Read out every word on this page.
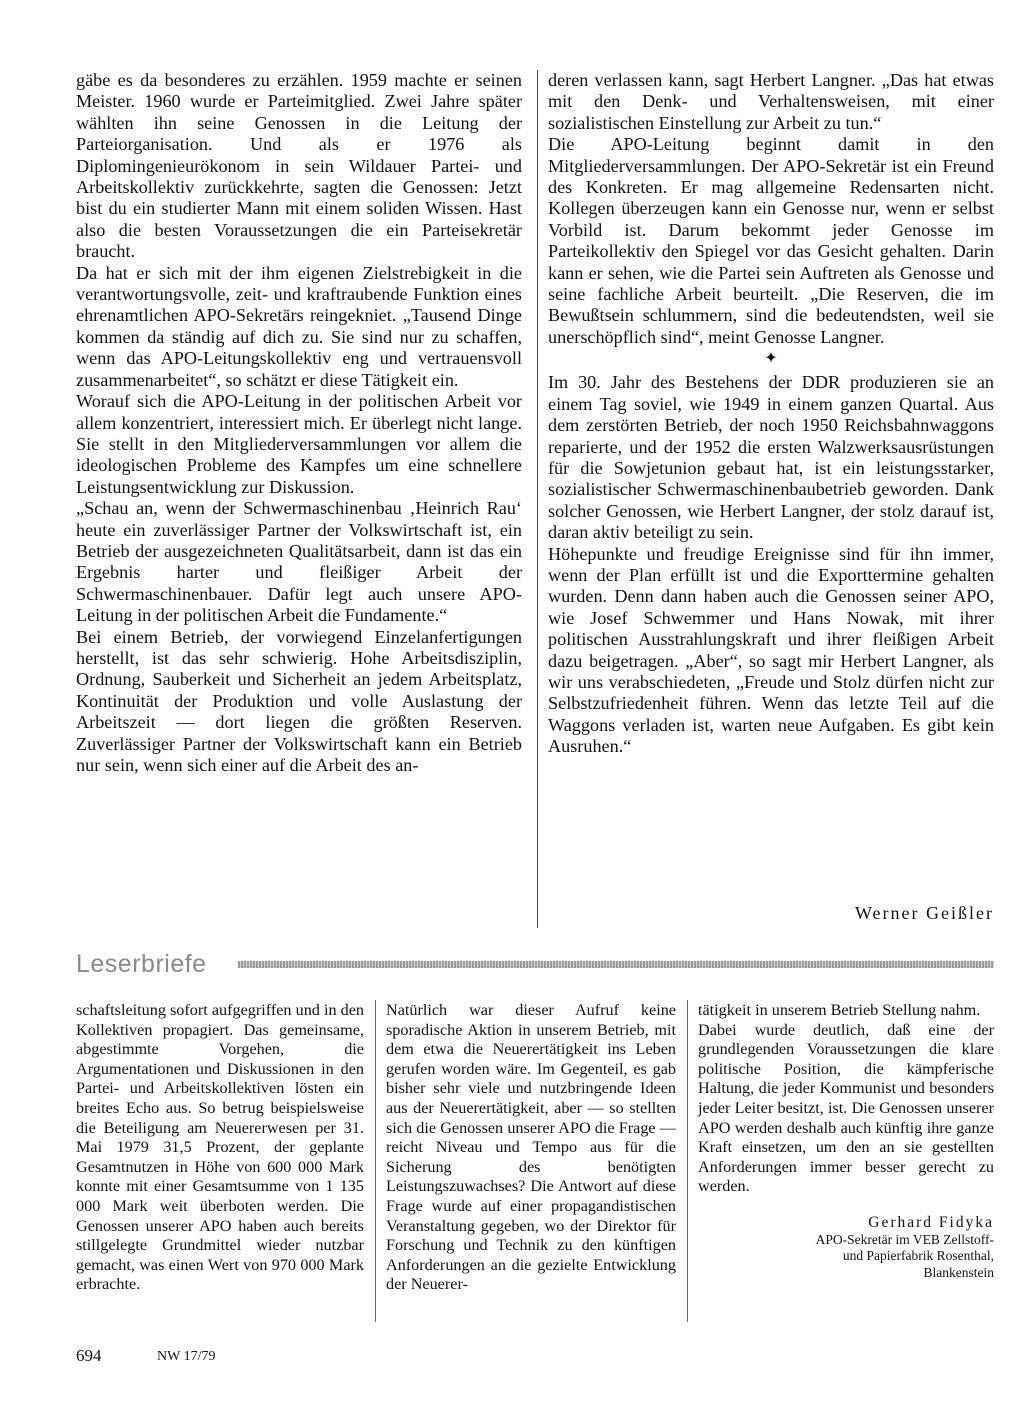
gäbe es da besonderes zu erzählen. 1959 machte er seinen Meister. 1960 wurde er Parteimitglied. Zwei Jahre später wählten ihn seine Genossen in die Leitung der Parteiorganisation. Und als er 1976 als Diplomingenieurökonom in sein Wildauer Partei- und Arbeitskollektiv zurückkehrte, sagten die Genossen: Jetzt bist du ein studierter Mann mit einem soliden Wissen. Hast also die besten Voraussetzungen die ein Parteisekretär braucht.

Da hat er sich mit der ihm eigenen Zielstrebigkeit in die verantwortungsvolle, zeit- und kraftraubende Funktion eines ehrenamtlichen APO-Sekretärs reingekniet. „Tausend Dinge kommen da ständig auf dich zu. Sie sind nur zu schaffen, wenn das APO-Leitungskollektiv eng und vertrauensvoll zusammenarbeitet“, so schätzt er diese Tätigkeit ein.

Worauf sich die APO-Leitung in der politischen Arbeit vor allem konzentriert, interessiert mich. Er überlegt nicht lange. Sie stellt in den Mitgliederversammlungen vor allem die ideologischen Probleme des Kampfes um eine schnellere Leistungsentwicklung zur Diskussion.

„Schau an, wenn der Schwermaschinenbau ‚Heinrich Rau‘ heute ein zuverlässiger Partner der Volkswirtschaft ist, ein Betrieb der ausgezeichneten Qualitätsarbeit, dann ist das ein Ergebnis harter und fleißiger Arbeit der Schwermaschinenbauer. Dafür legt auch unsere APO-Leitung in der politischen Arbeit die Fundamente.“

Bei einem Betrieb, der vorwiegend Einzelanfertigungen herstellt, ist das sehr schwierig. Hohe Arbeitsdisziplin, Ordnung, Sauberkeit und Sicherheit an jedem Arbeitsplatz, Kontinuität der Produktion und volle Auslastung der Arbeitszeit — dort liegen die größten Reserven. Zuverlässiger Partner der Volkswirtschaft kann ein Betrieb nur sein, wenn sich einer auf die Arbeit des an-

deren verlassen kann, sagt Herbert Langner. „Das hat etwas mit den Denk- und Verhaltensweisen, mit einer sozialistischen Einstellung zur Arbeit zu tun.“

Die APO-Leitung beginnt damit in den Mitgliederversammlungen. Der APO-Sekretär ist ein Freund des Konkreten. Er mag allgemeine Redensarten nicht. Kollegen überzeugen kann ein Genosse nur, wenn er selbst Vorbild ist. Darum bekommt jeder Genosse im Parteikollektiv den Spiegel vor das Gesicht gehalten. Darin kann er sehen, wie die Partei sein Auftreten als Genosse und seine fachliche Arbeit beurteilt. „Die Reserven, die im Bewußtsein schlummern, sind die bedeutendsten, weil sie unerschöpflich sind“, meint Genosse Langner.

✦

Im 30. Jahr des Bestehens der DDR produzieren sie an einem Tag soviel, wie 1949 in einem ganzen Quartal. Aus dem zerstörten Betrieb, der noch 1950 Reichsbahnwaggons reparierte, und der 1952 die ersten Walzwerksausrüstungen für die Sowjetunion gebaut hat, ist ein leistungsstarker, sozialistischer Schwermaschinenbaubetrieb geworden. Dank solcher Genossen, wie Herbert Langner, der stolz darauf ist, daran aktiv beteiligt zu sein.

Höhepunkte und freudige Ereignisse sind für ihn immer, wenn der Plan erfüllt ist und die Exporttermine gehalten wurden. Denn dann haben auch die Genossen seiner APO, wie Josef Schwemmer und Hans Nowak, mit ihrer politischen Ausstrahlungskraft und ihrer fleißigen Arbeit dazu beigetragen. „Aber“, so sagt mir Herbert Langner, als wir uns verabschiedeten, „Freude und Stolz dürfen nicht zur Selbstzufriedenheit führen. Wenn das letzte Teil auf die Waggons verladen ist, warten neue Aufgaben. Es gibt kein Ausruhen.“

Werner Geißler
Leserbriefe

schaftsleitung sofort aufgegriffen und in den Kollektiven propagiert. Das gemeinsame, abgestimmte Vorgehen, die Argumentationen und Diskussionen in den Partei- und Arbeitskollektiven lösten ein breites Echo aus. So betrug beispielsweise die Beteiligung am Neuererwesen per 31. Mai 1979 31,5 Prozent, der geplante Gesamtnutzen in Höhe von 600 000 Mark konnte mit einer Gesamtsumme von 1 135 000 Mark weit überboten werden. Die Genossen unserer APO haben auch bereits stillgelegte Grundmittel wieder nutzbar gemacht, was einen Wert von 970 000 Mark erbrachte.

Natürlich war dieser Aufruf keine sporadische Aktion in unserem Betrieb, mit dem etwa die Neuerertätigkeit ins Leben gerufen worden wäre. Im Gegenteil, es gab bisher sehr viele und nutzbringende Ideen aus der Neuerertätigkeit, aber — so stellten sich die Genossen unserer APO die Frage — reicht Niveau und Tempo aus für die Sicherung des benötigten Leistungszuwachses? Die Antwort auf diese Frage wurde auf einer propagandistischen Veranstaltung gegeben, wo der Direktor für Forschung und Technik zu den künftigen Anforderungen an die gezielte Entwicklung der Neuerer-

tätigkeit in unserem Betrieb Stellung nahm.

Dabei wurde deutlich, daß eine der grundlegenden Voraussetzungen die klare politische Position, die kämpferische Haltung, die jeder Kommunist und besonders jeder Leiter besitzt, ist. Die Genossen unserer APO werden deshalb auch künftig ihre ganze Kraft einsetzen, um den an sie gestellten Anforderungen immer besser gerecht zu werden.

Gerhard Fidyka
APO-Sekretär im VEB Zellstoff-
und Papierfabrik Rosenthal,
Blankenstein
694	NW 17/79
